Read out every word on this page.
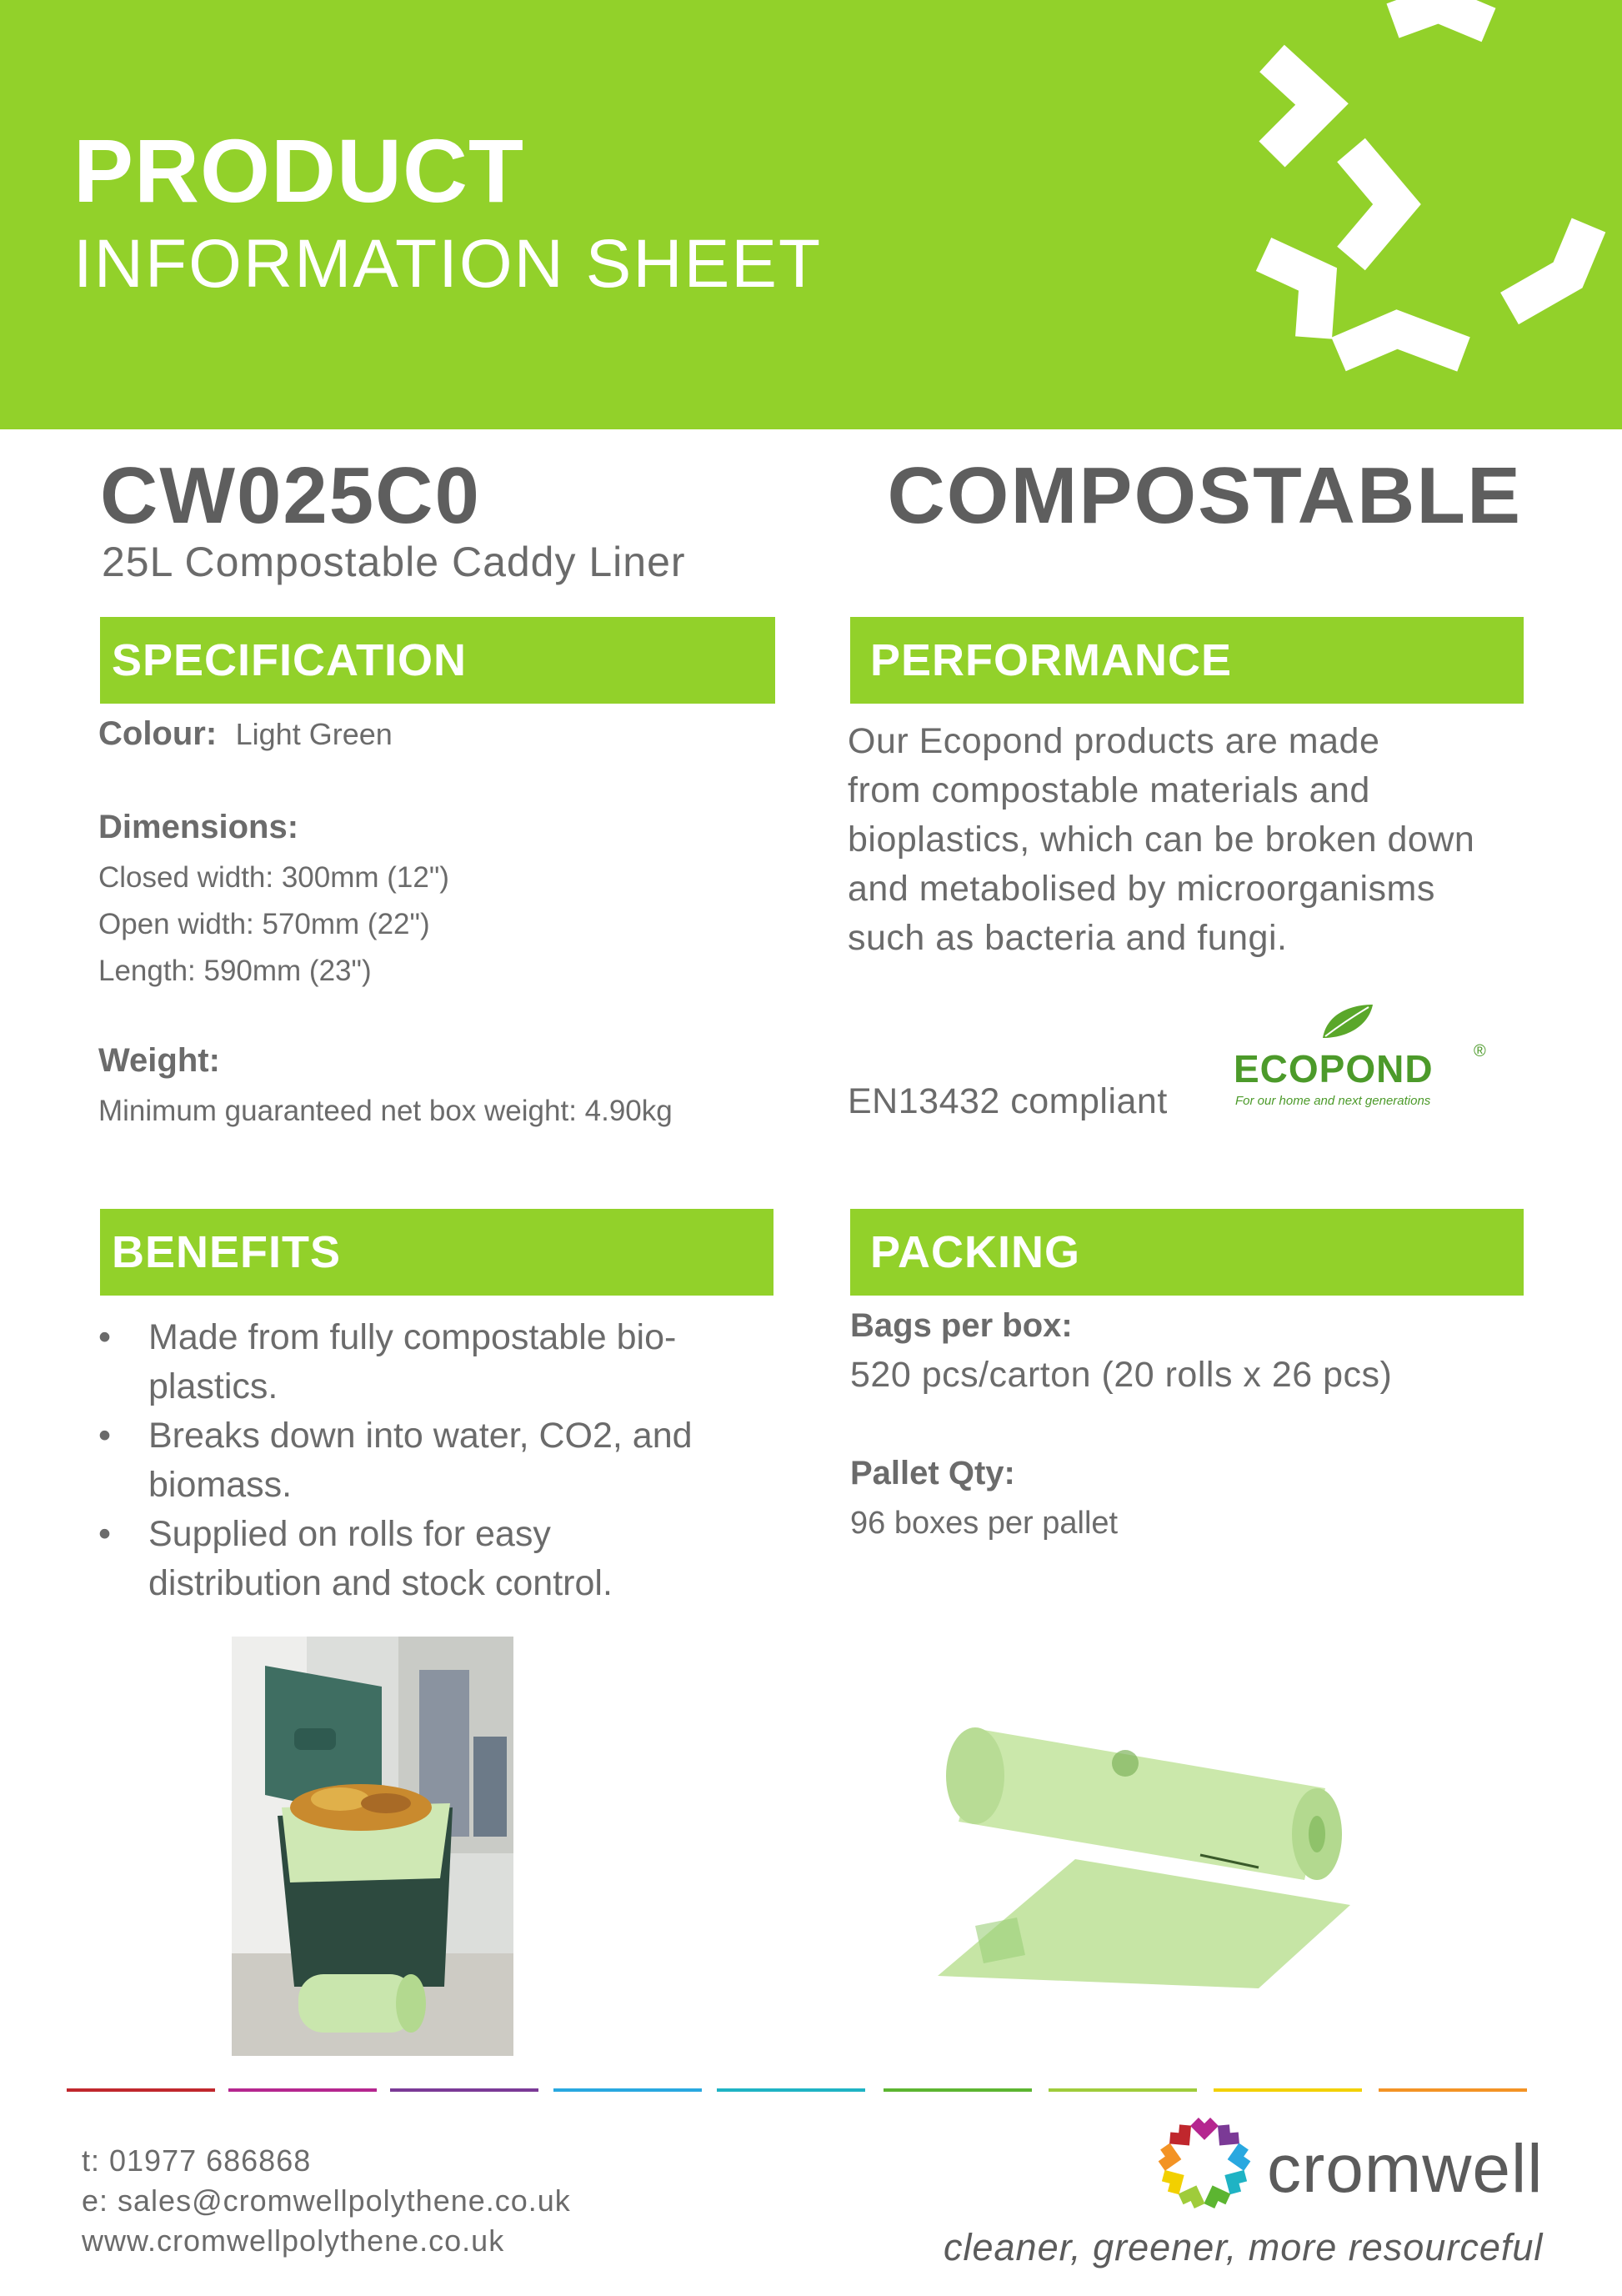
PRODUCT
INFORMATION SHEET
CW025C0
25L Compostable Caddy Liner
COMPOSTABLE
SPECIFICATION
Colour: Light Green
Dimensions:
Closed width: 300mm (12")
Open width: 570mm (22")
Length: 590mm (23")
Weight:
Minimum guaranteed net box weight: 4.90kg
PERFORMANCE
Our Ecopond products are made
from compostable materials and
bioplastics, which can be broken down
and metabolised by microorganisms
such as bacteria and fungi.
EN13432 compliant
ECOPOND ®
For our home and next generations
BENEFITS
• Made from fully compostable bio-
plastics.
• Breaks down into water, CO2, and
biomass.
• Supplied on rolls for easy
distribution and stock control.
PACKING
Bags per box:
520 pcs/carton (20 rolls x 26 pcs)
Pallet Qty:
96 boxes per pallet
t: 01977 686868
e: sales@cromwellpolythene.co.uk
www.cromwellpolythene.co.uk
cromwell
cleaner, greener, more resourceful
